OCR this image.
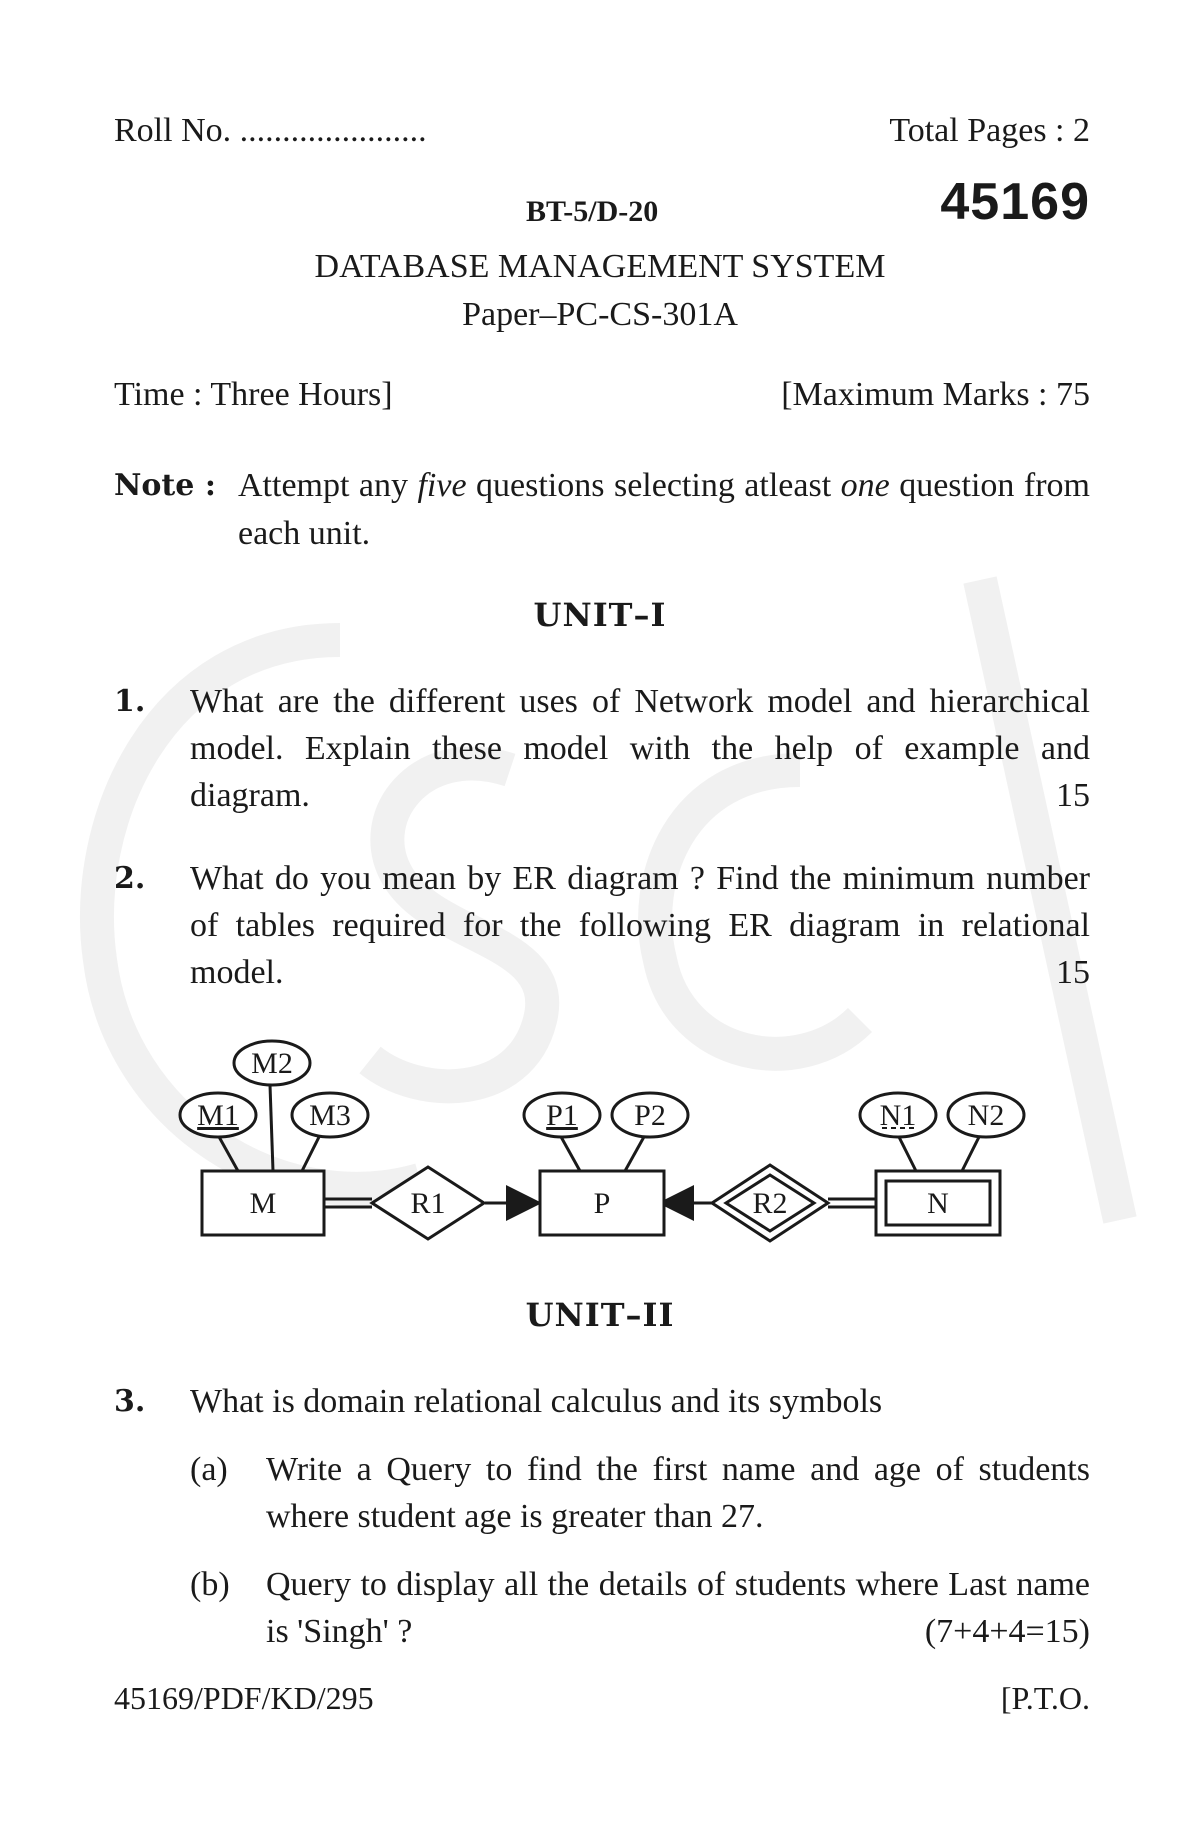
Roll No. ......................	Total Pages : 2
BT-5/D-20	45169
DATABASE MANAGEMENT SYSTEM
Paper–PC-CS-301A
Time : Three Hours]	[Maximum Marks : 75
Note : Attempt any five questions selecting atleast one question from each unit.
UNIT–I
1. What are the different uses of Network model and hierarchical model. Explain these model with the help of example and diagram.	15
2. What do you mean by ER diagram ? Find the minimum number of tables required for the following ER diagram in relational model.	15
M2
M1 M3	P1 P2	N1 N2
M	R1	P	R2	N
UNIT–II
3. What is domain relational calculus and its symbols
(a) Write a Query to find the first name and age of students where student age is greater than 27.
(b) Query to display all the details of students where Last name is 'Singh' ?	(7+4+4=15)
45169/PDF/KD/295	[P.T.O.
